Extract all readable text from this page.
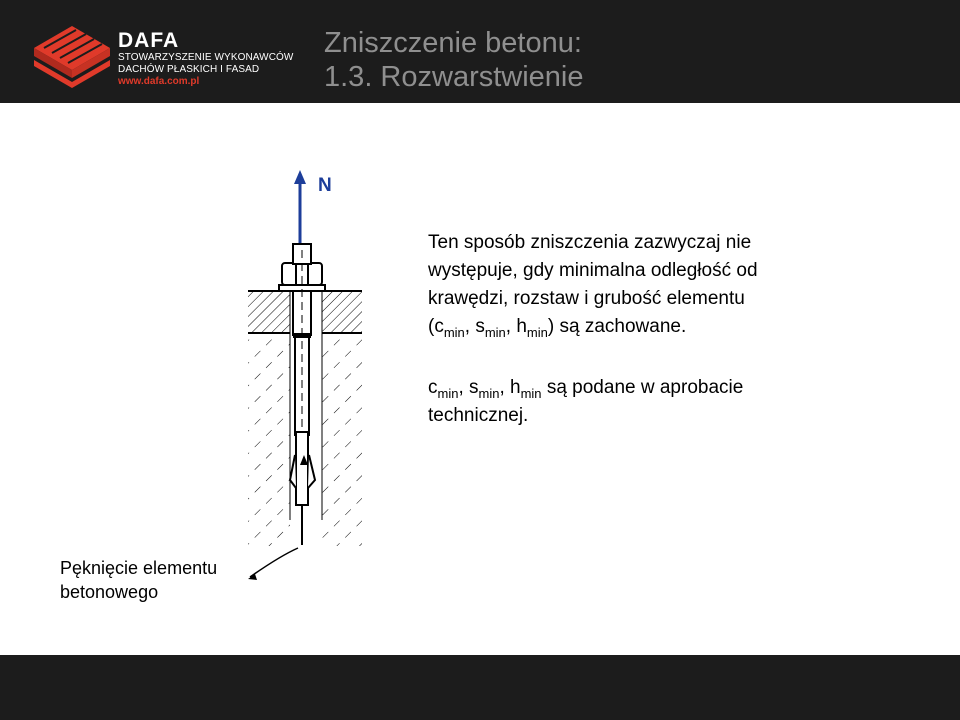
DAFA
STOWARZYSZENIE WYKONAWCÓW
DACHÓW PŁASKICH I FASAD
www.dafa.com.pl
Zniszczenie betonu:
1.3. Rozwarstwienie
N
Ten sposób zniszczenia zazwyczaj nie
występuje, gdy minimalna odległość od
krawędzi, rozstaw i grubość elementu
($c_{min}$, $s_{min}$, $h_{min}$) są zachowane.
$c_{min}$, $s_{min}$, $h_{min}$ są podane w aprobacie
technicznej.
Pęknięcie elementu
betonowego
